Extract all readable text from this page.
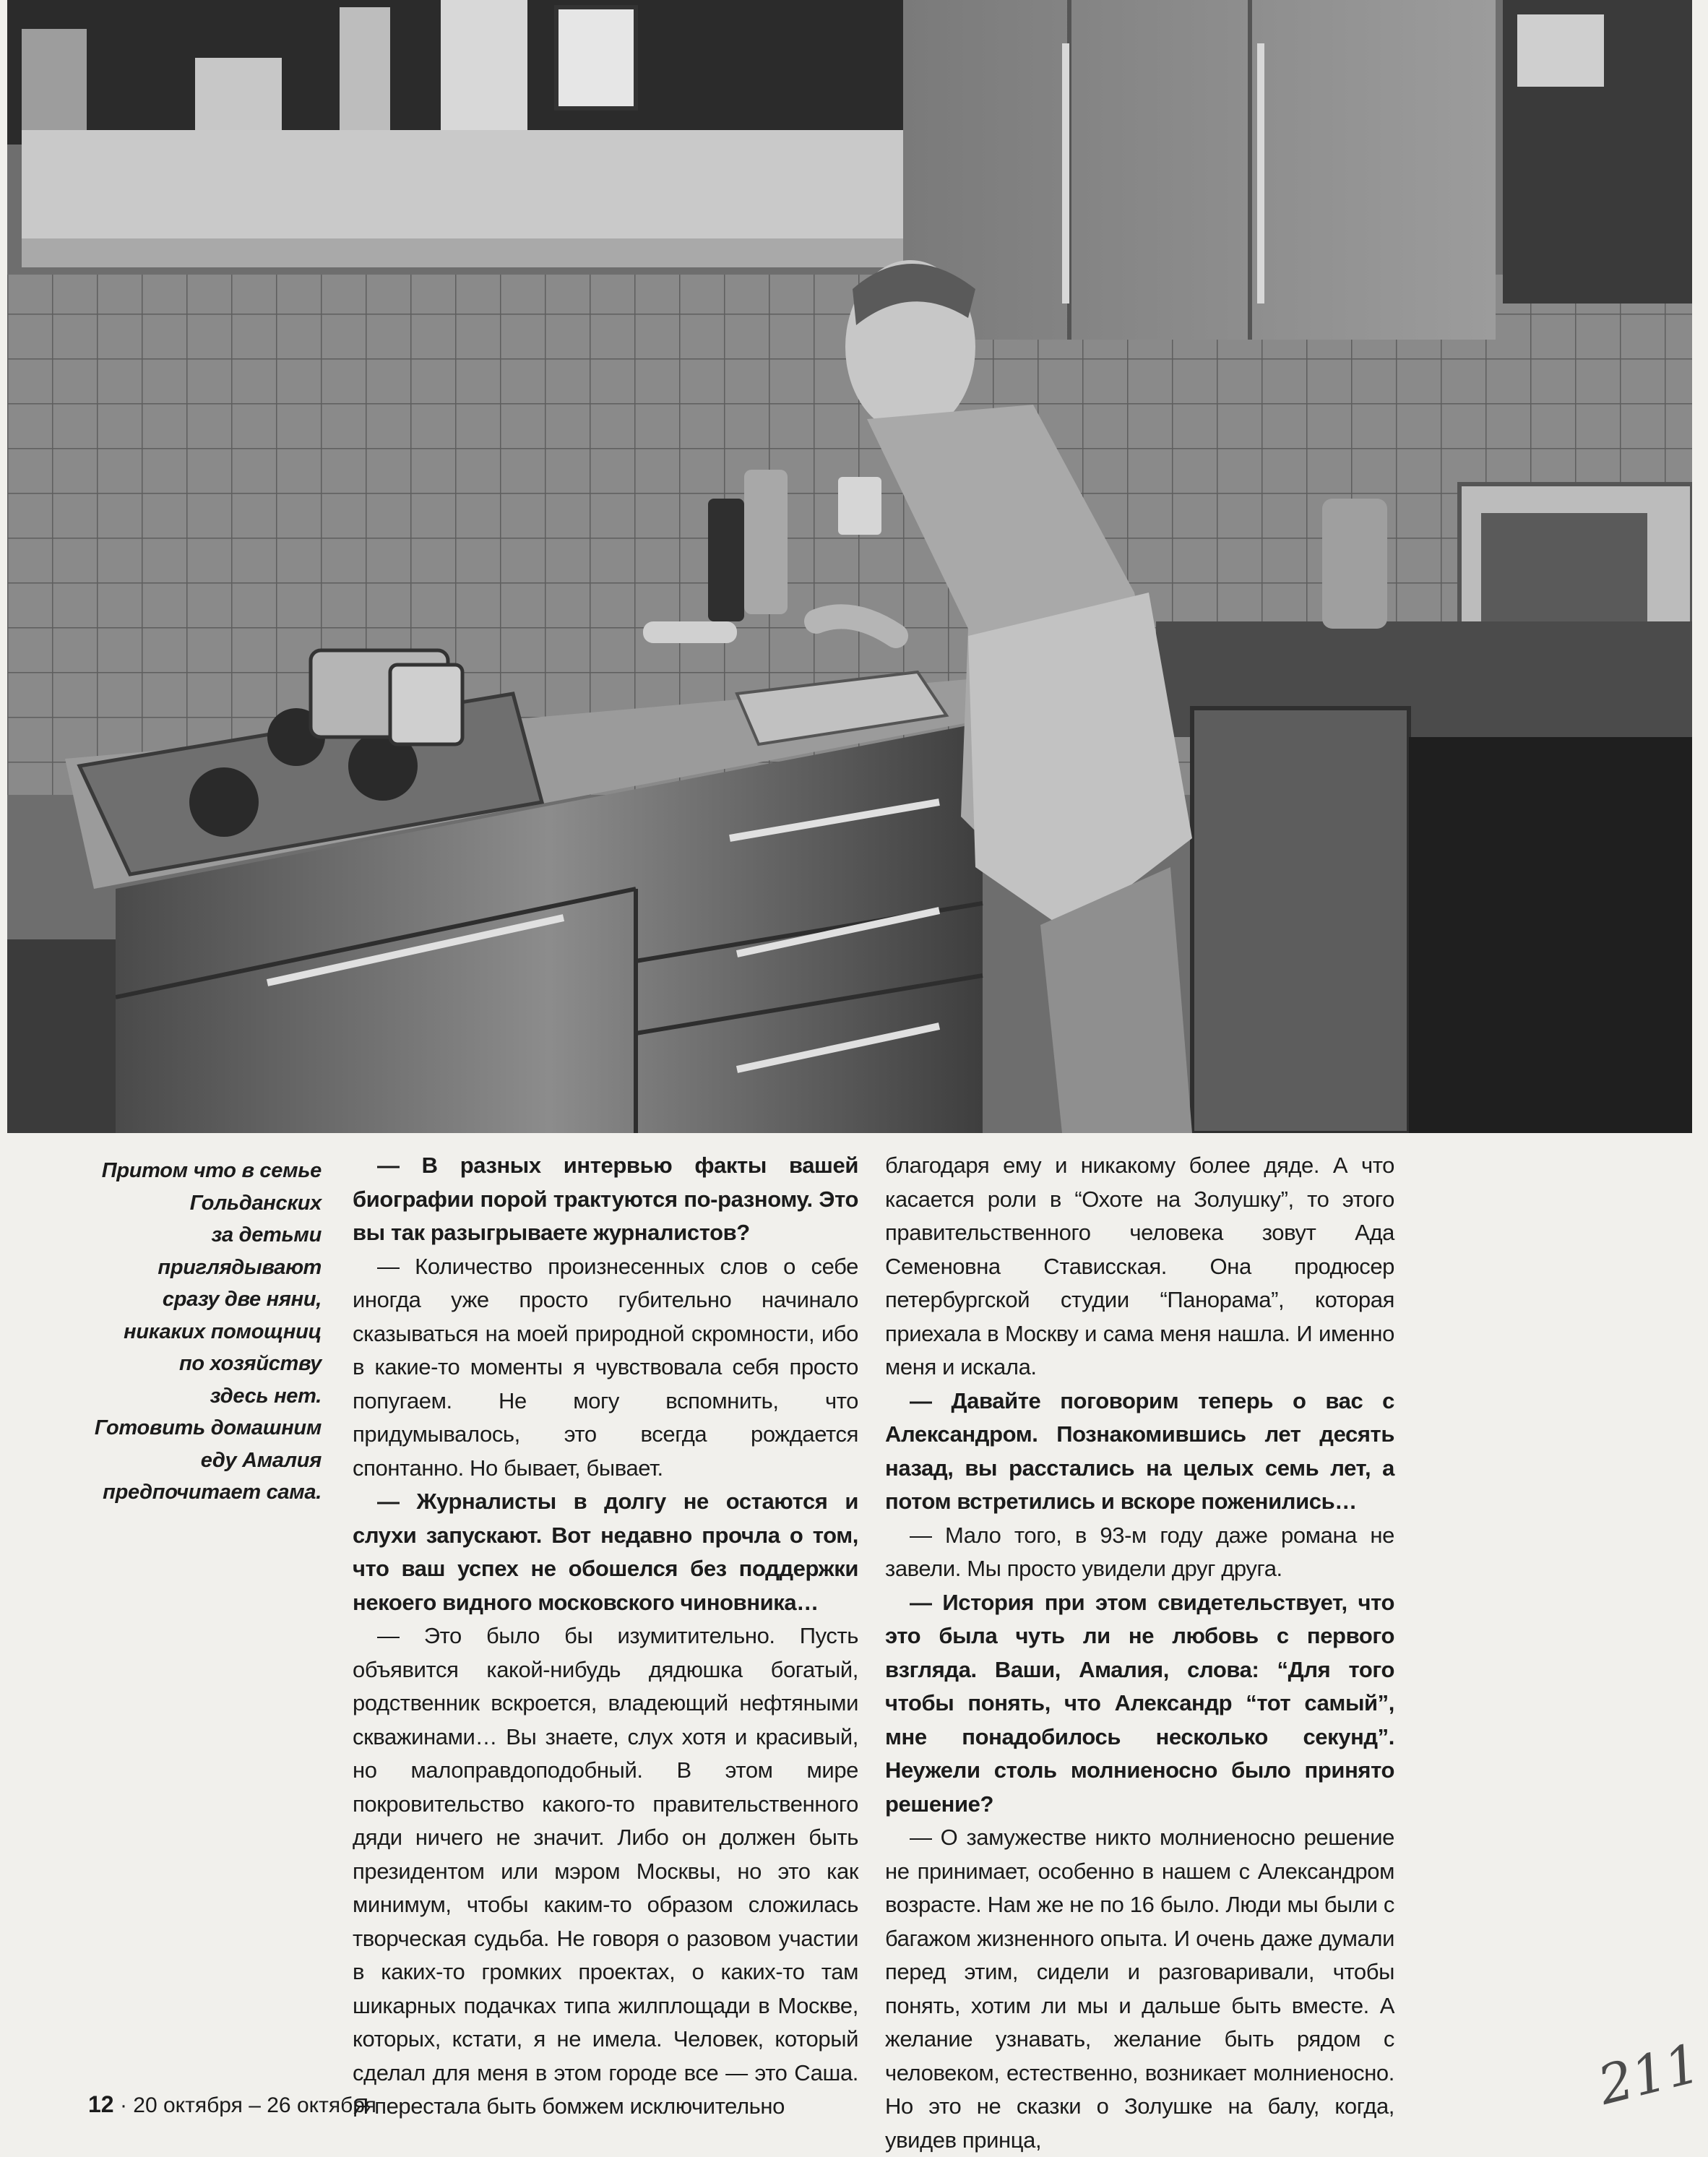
Притом что в семье
Гольданских
за детьми
приглядывают
сразу две няни,
никаких помощниц
по хозяйству
здесь нет.
Готовить домашним
еду Амалия
предпочитает сама.

— В разных интервью факты вашей биографии порой трактуются по-разному. Это вы так разыгрываете журналистов?

— Количество произнесенных слов о себе иногда уже просто губительно начинало сказываться на моей природной скромности, ибо в какие-то моменты я чувствовала себя просто попугаем. Не могу вспомнить, что придумывалось, это всегда рождается спонтанно. Но бывает, бывает.

— Журналисты в долгу не остаются и слухи запускают. Вот недавно прочла о том, что ваш успех не обошелся без поддержки некоего видного московского чиновника…

— Это было бы изумитительно. Пусть объявится какой-нибудь дядюшка богатый, родственник вскроется, владеющий нефтяными скважинами… Вы знаете, слух хотя и красивый, но малоправдоподобный. В этом мире покровительство какого-то правительственного дяди ничего не значит. Либо он должен быть президентом или мэром Москвы, но это как минимум, чтобы каким-то образом сложилась творческая судьба. Не говоря о разовом участии в каких-то громких проектах, о каких-то там шикарных подачках типа жилплощади в Москве, которых, кстати, я не имела. Человек, который сделал для меня в этом городе все — это Саша. Я перестала быть бомжем исключительно

благодаря ему и никакому более дяде. А что касается роли в “Охоте на Золушку”, то этого правительственного человека зовут Ада Семеновна Стависская. Она продюсер петербургской студии “Панорама”, которая приехала в Москву и сама меня нашла. И именно меня и искала.

— Давайте поговорим теперь о вас с Александром. Познакомившись лет десять назад, вы расстались на целых семь лет, а потом встретились и вскоре поженились…

— Мало того, в 93-м году даже романа не завели. Мы просто увидели друг друга.

— История при этом свидетельствует, что это была чуть ли не любовь с первого взгляда. Ваши, Амалия, слова: “Для того чтобы понять, что Александр “тот самый”, мне понадобилось несколько секунд”. Неужели столь молниеносно было принято решение?

— О замужестве никто молниеносно решение не принимает, особенно в нашем с Александром возрасте. Нам же не по 16 было. Люди мы были с багажом жизненного опыта. И очень даже думали перед этим, сидели и разговаривали, чтобы понять, хотим ли мы и дальше быть вместе. А желание узнавать, желание быть рядом с человеком, естественно, возникает молниеносно. Но это не сказки о Золушке на балу, когда, увидев принца,

12 · 20 октября – 26 октября	211
